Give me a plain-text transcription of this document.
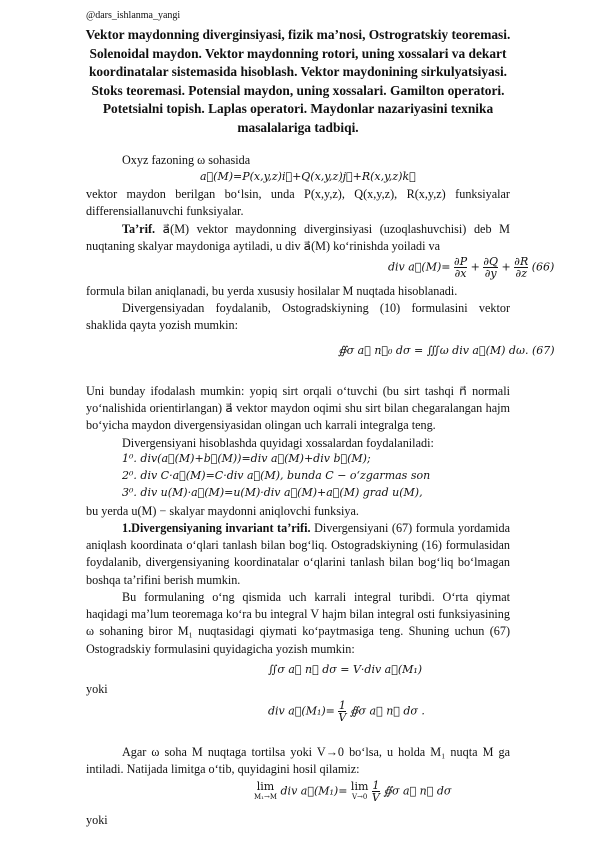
@dars_ishlanma_yangi
Vektor maydonning diverginsiyasi, fizik ma’nosi, Ostrogratskiy teoremasi. Solenoidal maydon. Vektor maydonning rotori, uning xossalari va dekart koordinatalar sistemasida hisoblash. Vektor maydonining sirkulyatsiyasi. Stoks teoremasi. Potensial maydon, uning xossalari. Gamilton operatori. Potetsialni topish. Laplas operatori. Maydonlar nazariyasini texnika masalalariga tadbiqi.
Oxyz fazoning ω sohasida
a⃗(M)=P(x,y,z)i⃗+Q(x,y,z)j⃗+R(x,y,z)k⃗
vektor maydon berilgan bo‘lsin, unda P(x,y,z), Q(x,y,z), R(x,y,z) funksiyalar differensiallanuvchi funksiyalar.
Ta’rif. a⃗(M) vektor maydonning diverginsiyasi (uzoqlashuvchisi) deb M nuqtaning skalyar maydoniga aytiladi, u div a⃗(M) ko‘rinishda yoiladi va
div a⃗(M)= $\frac{\partial P}{\partial x} + \frac{\partial Q}{\partial y} + \frac{\partial R}{\partial z} (66)$
formula bilan aniqlanadi, bu yerda xususiy hosilalar M nuqtada hisoblanadi.
Divergensiyadan foydalanib, Ostogradskiyning (10) formulasini vektor shaklida qayta yozish mumkin:
∯σ a⃗ n⃗₀ dσ = ∭ω div a⃗(M) dω. (67)
Uni bunday ifodalash mumkin: yopiq sirt orqali o‘tuvchi (bu sirt tashqi n⃗ normali yo‘nalishida orientirlangan) a⃗ vektor maydon oqimi shu sirt bilan chegaralangan hajm bo‘yicha maydon divergensiyasidan olingan uch karrali integralga teng.
Divergensiyani hisoblashda quyidagi xossalardan foydalaniladi:
1⁰. div(a⃗(M)+b⃗(M))=div a⃗(M)+div b⃗(M);
2⁰. div C·a⃗(M)=C·div a⃗(M), bunda C − o‘zgarmas son
3⁰. div u(M)·a⃗(M)=u(M)·div a⃗(M)+a⃗(M) grad u(M),
bu yerda u(M) − skalyar maydonni aniqlovchi funksiya.
1.Divergensiyaning invariant ta’rifi. Divergensiyani (67) formula yordamida aniqlash koordinata o‘qlari tanlash bilan bog‘liq. Ostogradskiyning (16) formulasidan foydalanib, divergensiyaning koordinatalar o‘qlarini tanlash bilan bog‘liq bo‘lmagan boshqa ta’rifini berish mumkin.
Bu formulaning o‘ng qismida uch karrali integral turibdi. O‘rta qiymat haqidagi ma’lum teoremaga ko‘ra bu integral V hajm bilan integral osti funksiyasining ω sohaning biror M₁ nuqtasidagi qiymati ko‘paytmasiga teng. Shuning uchun (67) Ostogradskiy formulasini quyidagicha yozish mumkin:
∬σ a⃗ n⃗ dσ = V·div a⃗(M₁)
yoki
div a⃗(M₁)= $\frac{1}{V}$ ∯σ a⃗ n⃗ dσ .
Agar ω soha M nuqtaga tortilsa yoki V→0 bo‘lsa, u holda M₁ nuqta M ga intiladi. Natijada limitga o‘tib, quyidagini hosil qilamiz:
lim
M₁→M div a⃗(M₁)= lim
V→0
$\frac{1}{V}$ ∯σ a⃗ n⃗ dσ
yoki
